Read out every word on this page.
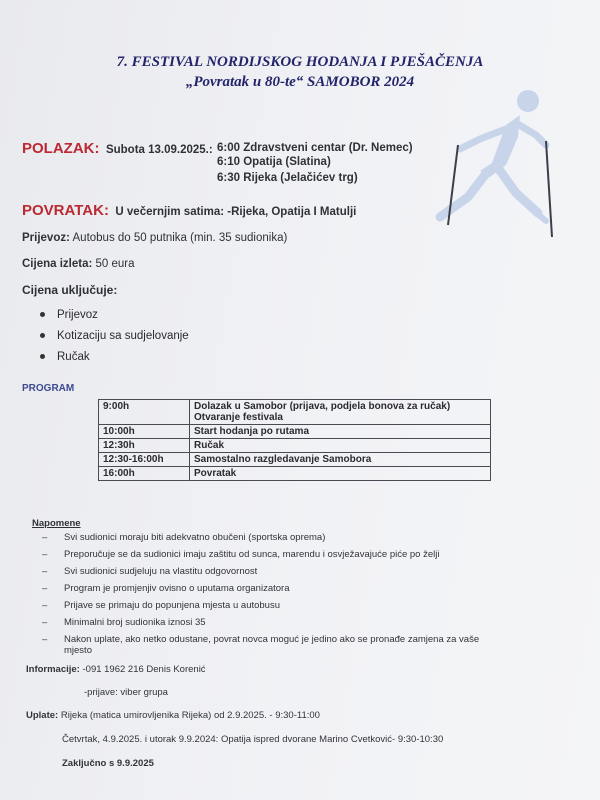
7. FESTIVAL NORDIJSKOG HODANJA I PJEŠAČENJA
„Povratak u 80-te“ SAMOBOR 2024
POLAZAK: Subota 13.09.2025.: 6:00 Zdravstveni centar (Dr. Nemec)
6:10 Opatija (Slatina)
6:30 Rijeka (Jelačićev trg)
POVRATAK: U večernjim satima: -Rijeka, Opatija I Matulji
Prijevoz: Autobus do 50 putnika (min. 35 sudionika)
Cijena izleta: 50 eura
Cijena uključuje:
Prijevoz
Kotizaciju sa sudjelovanje
Ručak
PROGRAM
9:00h	Dolazak u Samobor (prijava, podjela bonova za ručak)
Otvaranje festivala

10:00h	Start hodanja po rutama
12:30h	Ručak
12:30-16:00h	Samostalno razgledavanje Samobora
16:00h	Povratak
Napomene
–	Svi sudionici moraju biti adekvatno obučeni (sportska oprema)
–	Preporučuje se da sudionici imaju zaštitu od sunca, marendu i osvježavajuće piće po želji
–	Svi sudionici sudjeluju na vlastitu odgovornost
–	Program je promjenjiv ovisno o uputama organizatora
–	Prijave se primaju do popunjena mjesta u autobusu
–	Minimalni broj sudionika iznosi 35
–	Nakon uplate, ako netko odustane, povrat novca moguć je jedino ako se pronađe zamjena za vaše mjesto
Informacije: -091 1962 216 Denis Korenić
-prijave: viber grupa
Uplate: Rijeka (matica umirovljenika Rijeka) od 2.9.2025. - 9:30-11:00
Četvrtak, 4.9.2025. i utorak 9.9.2024: Opatija ispred dvorane Marino Cvetković- 9:30-10:30
Zaključno s 9.9.2025
